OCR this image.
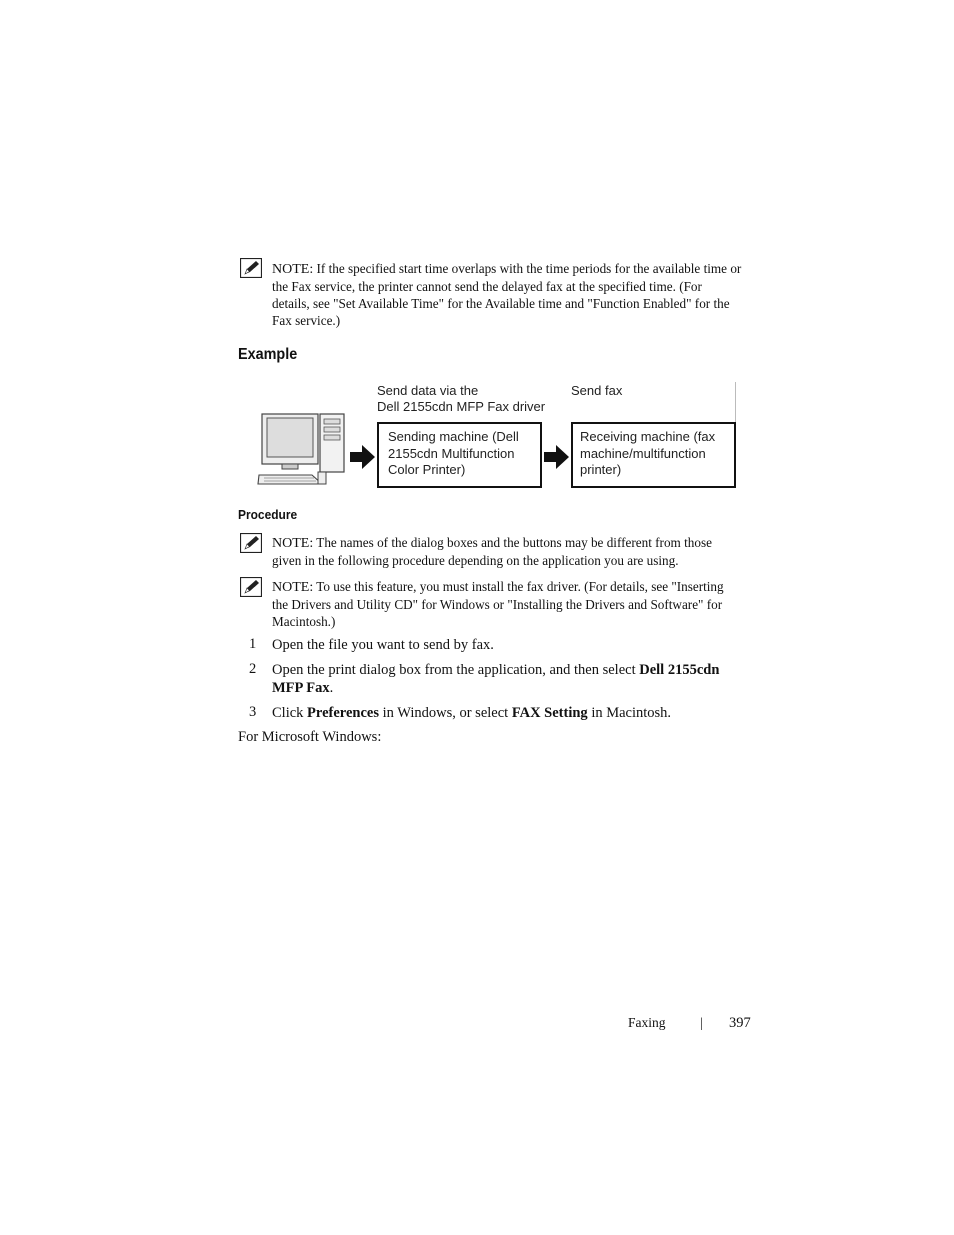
NOTE: If the specified start time overlaps with the time periods for the available time or the Fax service, the printer cannot send the delayed fax at the specified time. (For details, see "Set Available Time" for the Available time and "Function Enabled" for the Fax service.)
Example
Send data via the
Dell 2155cdn MFP Fax driver
Send fax
Sending machine (Dell
2155cdn Multifunction
Color Printer)
Receiving machine (fax
machine/multifunction
printer)
Procedure
NOTE: The names of the dialog boxes and the buttons may be different from those given in the following procedure depending on the application you are using.
NOTE: To use this feature, you must install the fax driver. (For details, see "Inserting the Drivers and Utility CD" for Windows or "Installing the Drivers and Software" for Macintosh.)
1 Open the file you want to send by fax.
2 Open the print dialog box from the application, and then select Dell 2155cdn MFP Fax.
3 Click Preferences in Windows, or select FAX Setting in Macintosh.
For Microsoft Windows:
Faxing	| 397
